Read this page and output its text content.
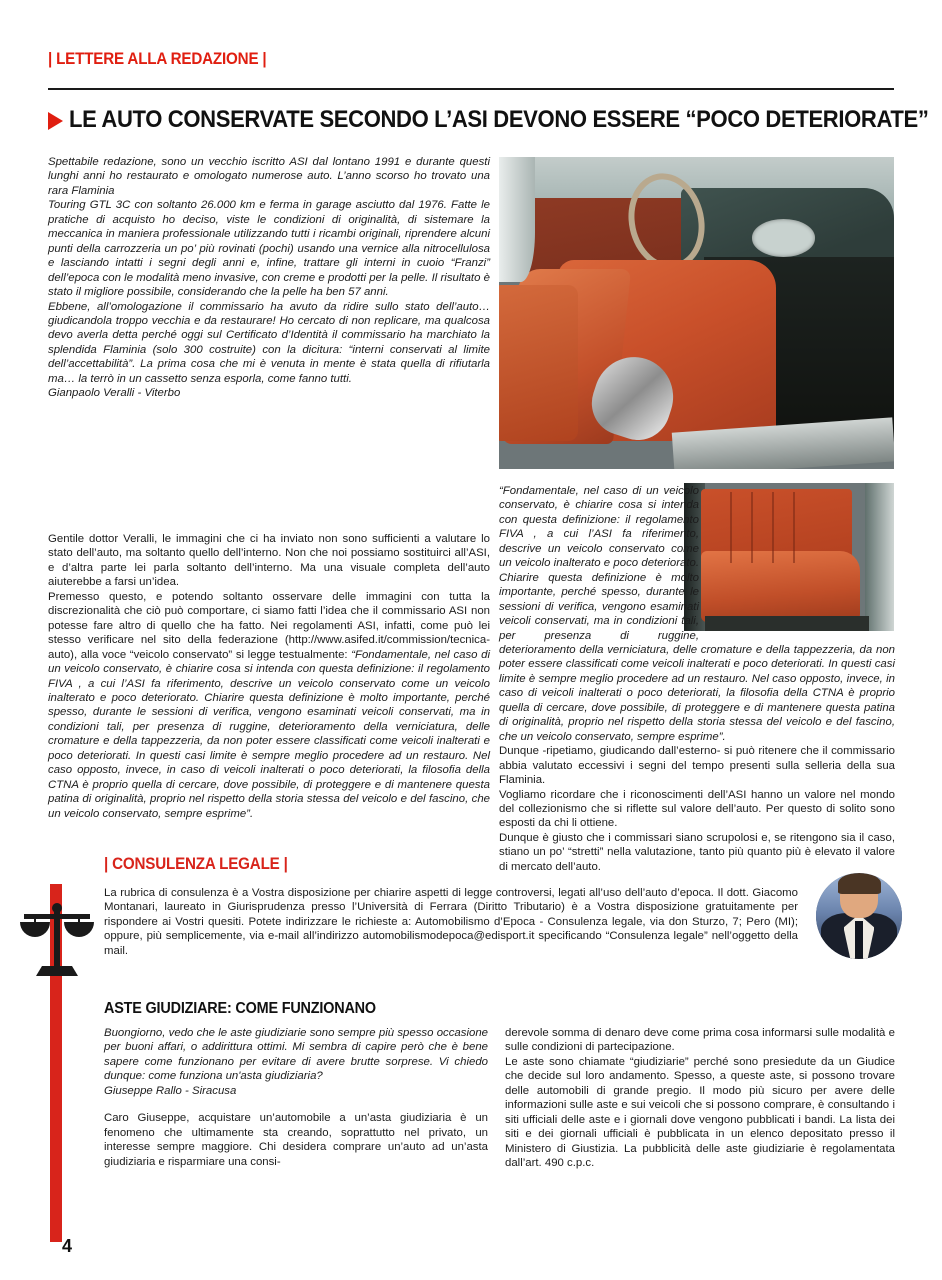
| LETTERE ALLA REDAZIONE |
LE AUTO CONSERVATE SECONDO L’ASI DEVONO ESSERE “POCO DETERIORATE”

Spettabile redazione, sono un vecchio iscritto ASI dal lontano 1991 e durante questi lunghi anni ho restaurato e omologato numerose auto. L’anno scorso ho trovato una rara Flaminia

Touring GTL 3C con soltanto 26.000 km e ferma in garage asciutto dal 1976. Fatte le pratiche di acquisto ho deciso, viste le condizioni di originalità, di sistemare la meccanica in maniera professionale utilizzando tutti i ricambi originali, riprendere alcuni punti della carrozzeria un po’ più rovinati (pochi) usando una vernice alla nitrocellulosa e lasciando intatti i segni degli anni e, infine, trattare gli interni in cuoio “Franzi” dell’epoca con le modalità meno invasive, con creme e prodotti per la pelle. Il risultato è stato il migliore possibile, considerando che la pelle ha ben 57 anni.

Ebbene, all’omologazione il commissario ha avuto da ridire sullo stato dell’auto… giudicandola troppo vecchia e da restaurare! Ho cercato di non replicare, ma qualcosa devo averla detta perché oggi sul Certificato d’Identità il commissario ha marchiato la splendida Flaminia (solo 300 costruite) con la dicitura: “interni conservati al limite dell’accettabilità”. La prima cosa che mi è venuta in mente è stata quella di rifiutarla ma… la terrò in un cassetto senza esporla, come fanno tutti.

Gianpaolo Veralli - Viterbo

Gentile dottor Veralli, le immagini che ci ha inviato non sono sufficienti a valutare lo stato dell’auto, ma soltanto quello dell’interno. Non che noi possiamo sostituirci all’ASI, e d’altra parte lei parla soltanto dell’interno. Ma una visuale completa dell’auto aiuterebbe a farsi un’idea.

Premesso questo, e potendo soltanto osservare delle immagini con tutta la discrezionalità che ciò può comportare, ci siamo fatti l’idea che il commissario ASI non potesse fare altro di quello che ha fatto. Nei regolamenti ASI, infatti, come può lei stesso verificare nel sito della federazione (http://www.asifed.it/commission/tecnica-auto), alla voce “veicolo conservato” si legge testualmente: “Fondamentale, nel caso di un veicolo conservato, è chiarire cosa si intenda con questa definizione: il regolamento FIVA , a cui l’ASI fa riferimento, descrive un veicolo conservato come un veicolo inalterato e poco deteriorato. Chiarire questa definizione è molto importante, perché spesso, durante le sessioni di verifica, vengono esaminati veicoli conservati, ma in condizioni tali, per presenza di ruggine, deterioramento della verniciatura, delle cromature e della tappezzeria, da non poter essere classificati come veicoli inalterati e poco deteriorati. In questi casi limite è sempre meglio procedere ad un restauro. Nel caso opposto, invece, in caso di veicoli inalterati o poco deteriorati, la filosofia della CTNA è proprio quella di cercare, dove possibile, di proteggere e di mantenere questa patina di originalità, proprio nel rispetto della storia stessa del veicolo e del fascino, che un veicolo conservato, sempre esprime”.

“Fondamentale, nel caso di un veicolo conservato, è chiarire cosa si intenda con questa definizione: il regolamento FIVA , a cui l’ASI fa riferimento, descrive un veicolo conservato come un veicolo inalterato e poco deteriorato. Chiarire questa definizione è molto importante, perché spesso, durante le sessioni di verifica, vengono esaminati veicoli conservati, ma in condizioni tali, per presenza di ruggine, deterioramento della verniciatura, delle cromature e della tappezzeria, da non poter essere classificati come veicoli inalterati e poco deteriorati. In questi casi limite è sempre meglio procedere ad un restauro. Nel caso opposto, invece, in caso di veicoli inalterati o poco deteriorati, la filosofia della CTNA è proprio quella di cercare, dove possibile, di proteggere e di mantenere questa patina di originalità, proprio nel rispetto della storia stessa del veicolo e del fascino, che un veicolo conservato, sempre esprime”.

Dunque -ripetiamo, giudicando dall’esterno- si può ritenere che il commissario abbia valutato eccessivi i segni del tempo presenti sulla selleria della sua Flaminia.

Vogliamo ricordare che i riconoscimenti dell’ASI hanno un valore nel mondo del collezionismo che si riflette sul valore dell’auto. Per questo di solito sono esposti da chi li ottiene.

Dunque è giusto che i commissari siano scrupolosi e, se ritengono sia il caso, stiano un po’ “stretti” nella valutazione, tanto più quanto più è elevato il valore di mercato dell’auto.

| CONSULENZA LEGALE |

La rubrica di consulenza è a Vostra disposizione per chiarire aspetti di legge controversi, legati all’uso dell’auto d’epoca. Il dott. Giacomo Montanari, laureato in Giurisprudenza presso l’Università di Ferrara (Diritto Tributario) è a Vostra disposizione gratuitamente per rispondere ai Vostri quesiti. Potete indirizzare le richieste a: Automobilismo d’Epoca - Consulenza legale, via don Sturzo, 7; Pero (MI); oppure, più semplicemente, via e-mail all’indirizzo automobilismodepoca@edisport.it specificando “Consulenza legale” nell’oggetto della mail.

ASTE GIUDIZIARE: COME FUNZIONANO

Buongiorno, vedo che le aste giudiziarie sono sempre più spesso occasione per buoni affari, o addirittura ottimi. Mi sembra di capire però che è bene sapere come funzionano per evitare di avere brutte sorprese. Vi chiedo dunque: come funziona un'asta giudiziaria?

Giuseppe Rallo - Siracusa

Caro Giuseppe, acquistare un’automobile a un’asta giudiziaria è un fenomeno che ultimamente sta creando, soprattutto nel privato, un interesse sempre maggiore. Chi desidera comprare un’auto ad un’asta giudiziaria e risparmiare una consi-

derevole somma di denaro deve come prima cosa informarsi sulle modalità e sulle condizioni di partecipazione.

Le aste sono chiamate “giudiziarie” perché sono presiedute da un Giudice che decide sul loro andamento. Spesso, a queste aste, si possono trovare delle automobili di grande pregio. Il modo più sicuro per avere delle informazioni sulle aste e sui veicoli che si possono comprare, è consultando i siti ufficiali delle aste e i giornali dove vengono pubblicati i bandi. La lista dei siti e dei giornali ufficiali è pubblicata in un elenco depositato presso il Ministero di Giustizia. La pubblicità delle aste giudiziarie è regolamentata dall’art. 490 c.p.c.

4
